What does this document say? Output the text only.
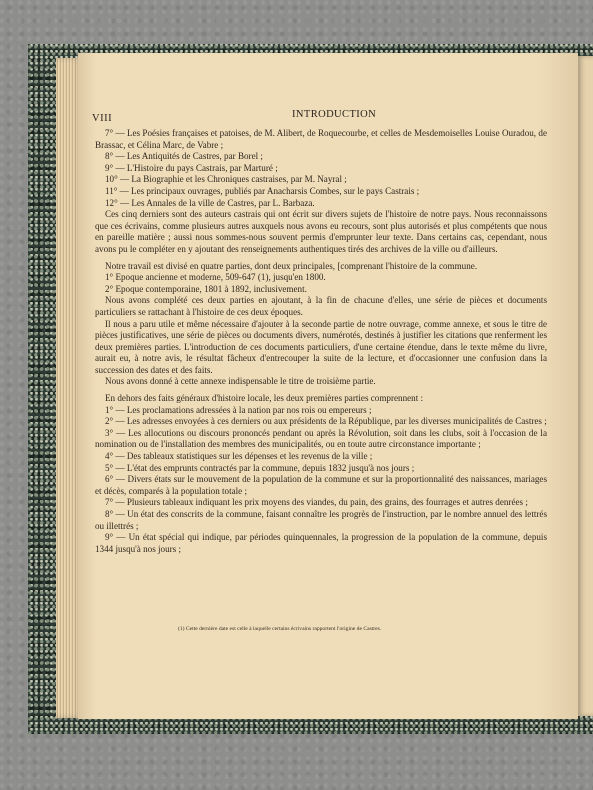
VIII	INTRODUCTION

7° — Les Poésies françaises et patoises, de M. Alibert, de Roquecourbe, et celles de Mesdemoiselles Louise Ouradou, de Brassac, et Célina Marc, de Vabre ;

8° — Les Antiquités de Castres, par Borel ;

9° — L'Histoire du pays Castrais, par Marturé ;

10° — La Biographie et les Chroniques castraises, par M. Nayral ;

11° — Les principaux ouvrages, publiés par Anacharsis Combes, sur le pays Castrais ;

12° — Les Annales de la ville de Castres, par L. Barbaza.

Ces cinq derniers sont des auteurs castrais qui ont écrit sur divers sujets de l'histoire de notre pays. Nous reconnaissons que ces écrivains, comme plusieurs autres auxquels nous avons eu recours, sont plus autorisés et plus compétents que nous en pareille matière ; aussi nous sommes-nous souvent permis d'emprunter leur texte. Dans certains cas, cependant, nous avons pu le compléter en y ajoutant des renseignements authentiques tirés des archives de la ville ou d'ailleurs.

Notre travail est divisé en quatre parties, dont deux principales, [comprenant l'histoire de la commune.

1° Epoque ancienne et moderne, 509-647 (1), jusqu'en 1800.

2° Epoque contemporaine, 1801 à 1892, inclusivement.

Nous avons complété ces deux parties en ajoutant, à la fin de chacune d'elles, une série de pièces et documents particuliers se rattachant à l'histoire de ces deux époques.

Il nous a paru utile et même nécessaire d'ajouter à la seconde partie de notre ouvrage, comme annexe, et sous le titre de pièces justificatives, une série de pièces ou documents divers, numérotés, destinés à justifier les citations que renferment les deux premières parties. L'introduction de ces documents particuliers, d'une certaine étendue, dans le texte même du livre, aurait eu, à notre avis, le résultat fâcheux d'entrecouper la suite de la lecture, et d'occasionner une confusion dans la succession des dates et des faits.

Nous avons donné à cette annexe indispensable le titre de troisième partie.

En dehors des faits généraux d'histoire locale, les deux premières parties comprennent :

1° — Les proclamations adressées à la nation par nos rois ou empereurs ;

2° — Les adresses envoyées à ces derniers ou aux présidents de la République, par les diverses municipalités de Castres ;

3° — Les allocutions ou discours prononcés pendant ou après la Révolution, soit dans les clubs, soit à l'occasion de la nomination ou de l'installation des membres des municipalités, ou en toute autre circonstance importante ;

4° — Des tableaux statistiques sur les dépenses et les revenus de la ville ;

5° — L'état des emprunts contractés par la commune, depuis 1832 jusqu'à nos jours ;

6° — Divers états sur le mouvement de la population de la commune et sur la proportionnalité des naissances, mariages et décès, comparés à la population totale ;

7° — Plusieurs tableaux indiquant les prix moyens des viandes, du pain, des grains, des fourrages et autres denrées ;

8° — Un état des conscrits de la commune, faisant connaître les progrès de l'instruction, par le nombre annuel des lettrés ou illettrés ;

9° — Un état spécial qui indique, par périodes quinquennales, la progression de la population de la commune, depuis 1344 jusqu'à nos jours ;

(1) Cette dernière date est celle à laquelle certains écrivains rapportent l'origine de Castres.
